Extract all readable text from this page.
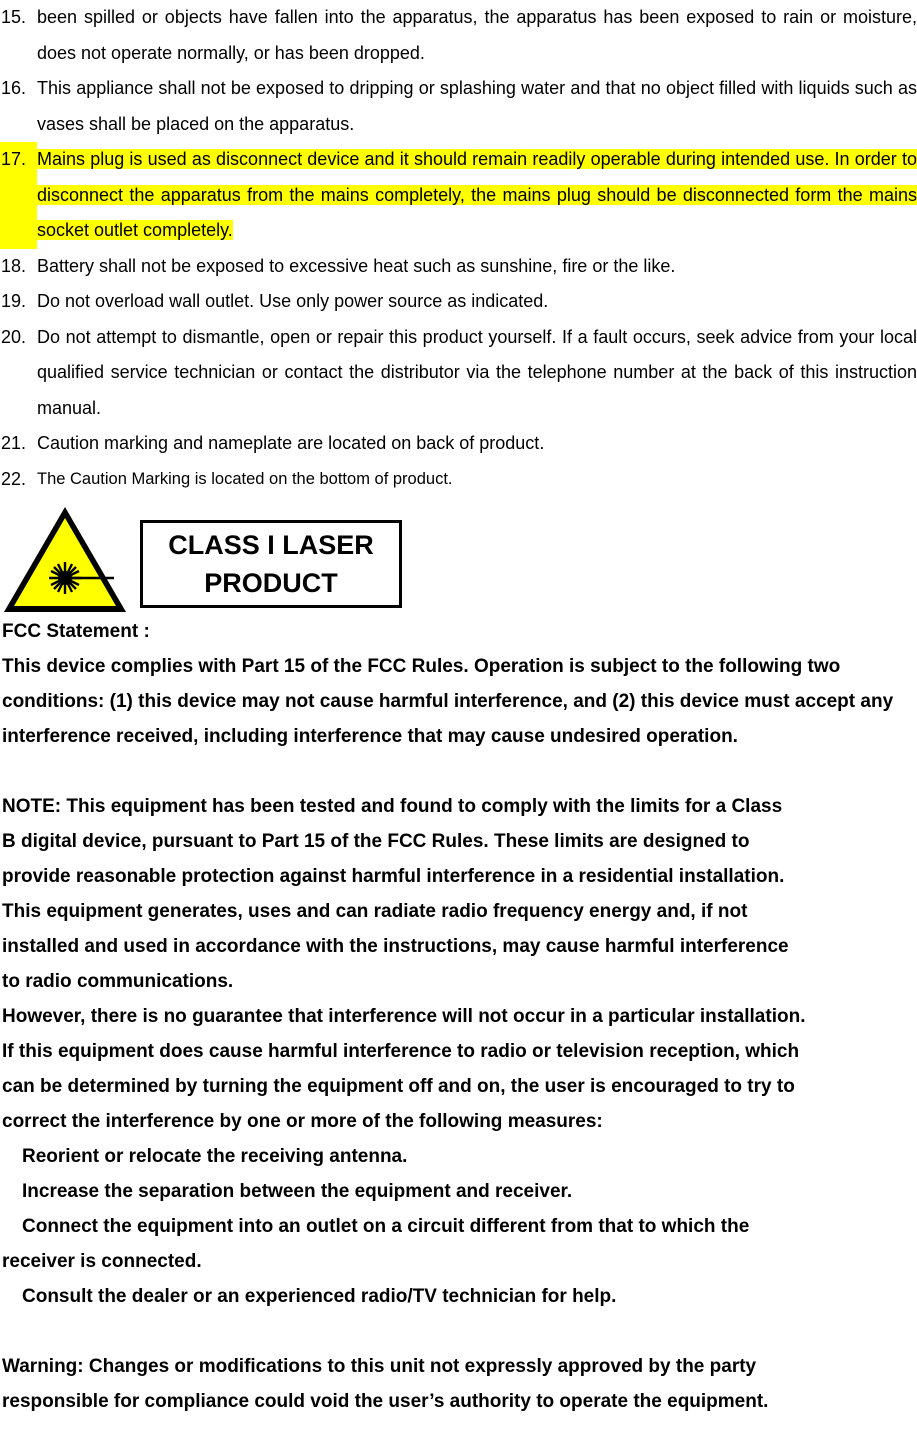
15. been spilled or objects have fallen into the apparatus, the apparatus has been exposed to rain or moisture, does not operate normally, or has been dropped.
16. This appliance shall not be exposed to dripping or splashing water and that no object filled with liquids such as vases shall be placed on the apparatus.
17. Mains plug is used as disconnect device and it should remain readily operable during intended use. In order to disconnect the apparatus from the mains completely, the mains plug should be disconnected form the mains socket outlet completely.
18. Battery shall not be exposed to excessive heat such as sunshine, fire or the like.
19. Do not overload wall outlet. Use only power source as indicated.
20. Do not attempt to dismantle, open or repair this product yourself. If a fault occurs, seek advice from your local qualified service technician or contact the distributor via the telephone number at the back of this instruction manual.
21. Caution marking and nameplate are located on back of product.
22. The Caution Marking is located on the bottom of product.
CLASS I LASER
PRODUCT

FCC Statement :

This device complies with Part 15 of the FCC Rules. Operation is subject to the following two conditions: (1) this device may not cause harmful interference, and (2) this device must accept any interference received, including interference that may cause undesired operation.

NOTE: This equipment has been tested and found to comply with the limits for a Class

B digital device, pursuant to Part 15 of the FCC Rules. These limits are designed to

provide reasonable protection against harmful interference in a residential installation.

This equipment generates, uses and can radiate radio frequency energy and, if not

installed and used in accordance with the instructions, may cause harmful interference

to radio communications.

However, there is no guarantee that interference will not occur in a particular installation.

If this equipment does cause harmful interference to radio or television reception, which

can be determined by turning the equipment off and on, the user is encouraged to try to

correct the interference by one or more of the following measures:

Reorient or relocate the receiving antenna.

Increase the separation between the equipment and receiver.

Connect the equipment into an outlet on a circuit different from that to which the

receiver is connected.

Consult the dealer or an experienced radio/TV technician for help.

Warning: Changes or modifications to this unit not expressly approved by the party

responsible for compliance could void the user’s authority to operate the equipment.
